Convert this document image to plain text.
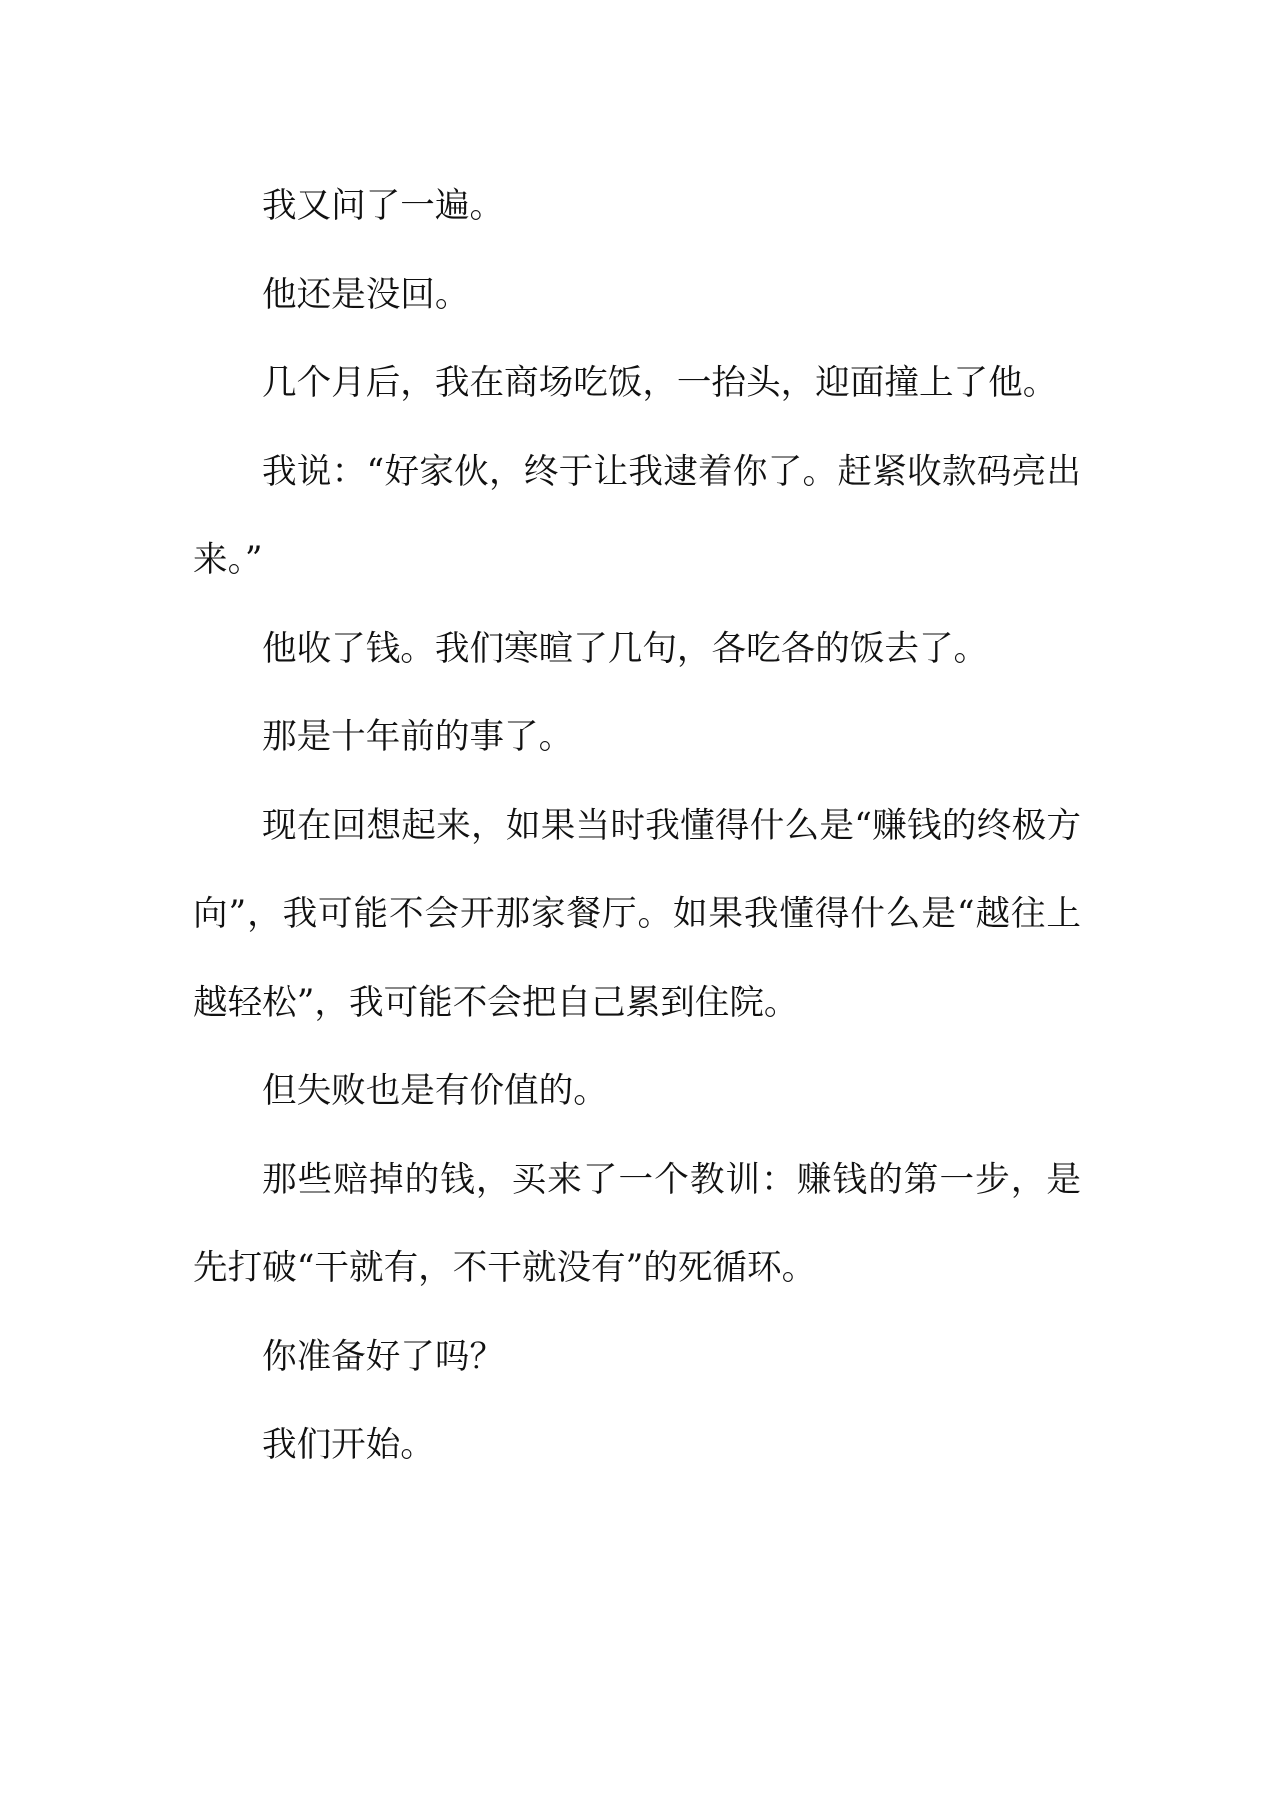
我又问了一遍。

他还是没回。

几个月后，我在商场吃饭，一抬头，迎面撞上了他。

我说：“好家伙，终于让我逮着你了。赶紧收款码亮出来。”

他收了钱。我们寒暄了几句，各吃各的饭去了。

那是十年前的事了。

现在回想起来，如果当时我懂得什么是“赚钱的终极方向”，我可能不会开那家餐厅。如果我懂得什么是“越往上越轻松”，我可能不会把自己累到住院。

但失败也是有价值的。

那些赔掉的钱，买来了一个教训：赚钱的第一步，是先打破“干就有，不干就没有”的死循环。

你准备好了吗？

我们开始。
